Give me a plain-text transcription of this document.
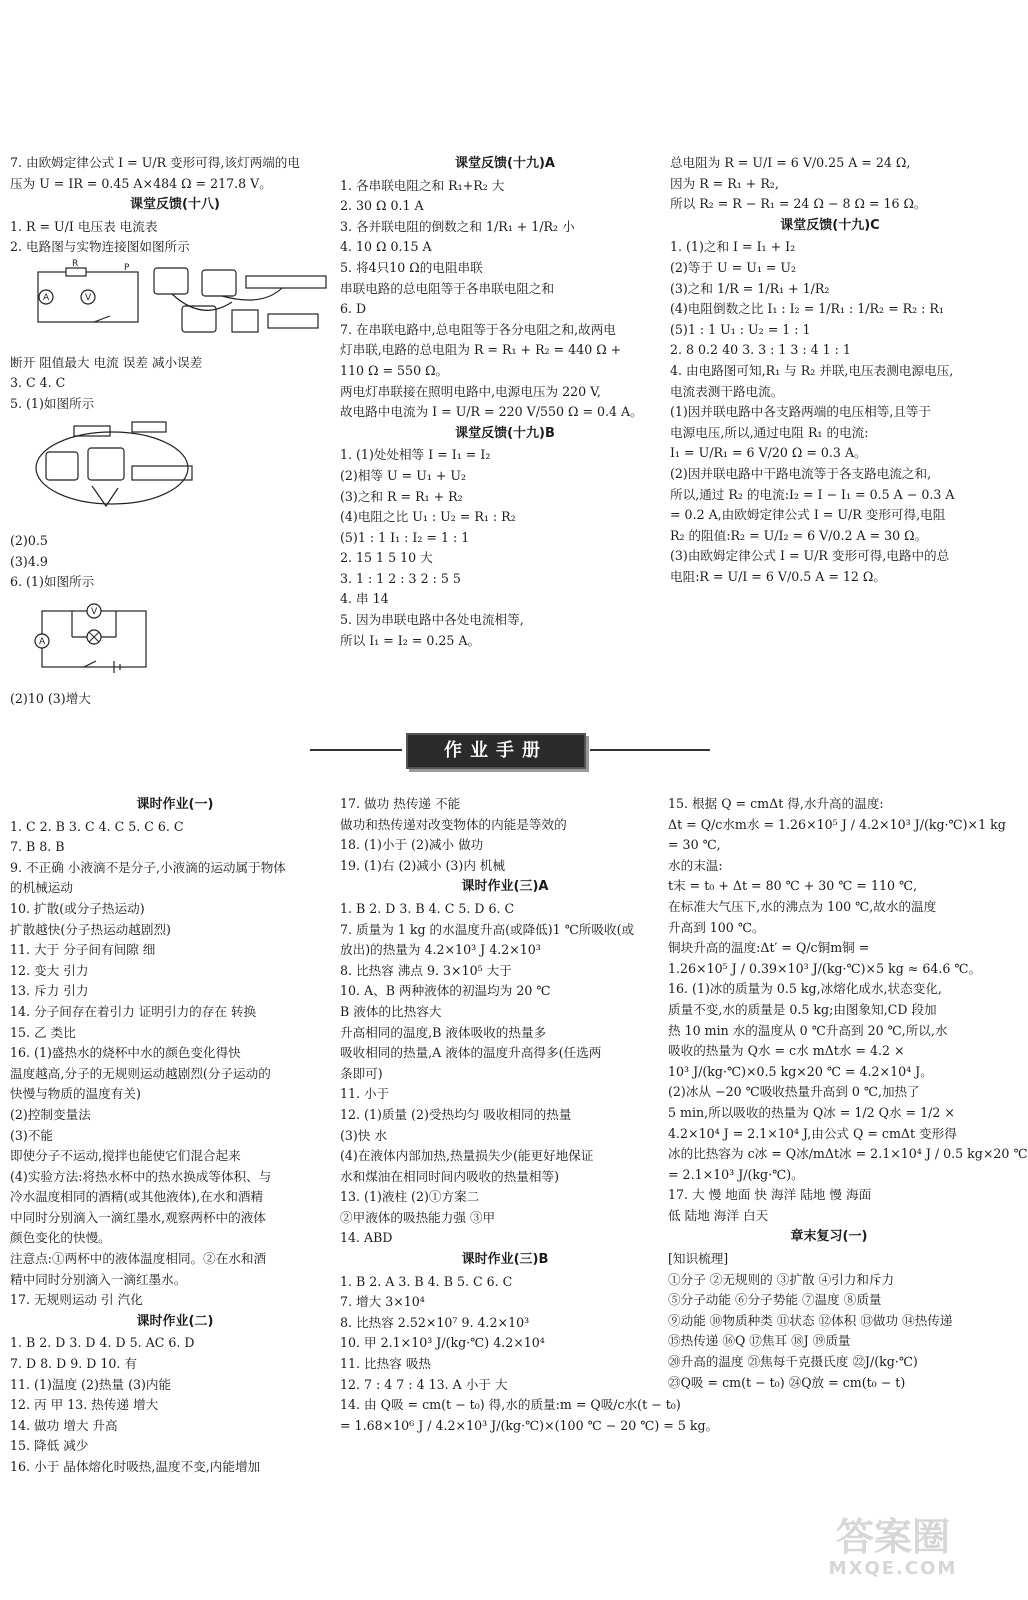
7. 由欧姆定律公式 I = U/R 变形可得,该灯两端的电
压为 U = IR = 0.45 A×484 Ω = 217.8 V。
课堂反馈(十八)
1. R = U/I 电压表 电流表
2. 电路图与实物连接图如图所示
A	V
R	P
断开 阻值最大 电流 误差 减小误差
3. C 4. C
5. (1)如图所示
(2)0.5
(3)4.9
6. (1)如图所示
V
A
(2)10 (3)增大
课堂反馈(十九)A
1. 各串联电阻之和 R₁+R₂ 大
2. 30 Ω 0.1 A
3. 各并联电阻的倒数之和 1/R₁ + 1/R₂ 小
4. 10 Ω 0.15 A
5. 将4只10 Ω的电阻串联
串联电路的总电阻等于各串联电阻之和
6. D
7. 在串联电路中,总电阻等于各分电阻之和,故两电
灯串联,电路的总电阻为 R = R₁ + R₂ = 440 Ω +
110 Ω = 550 Ω。
两电灯串联接在照明电路中,电源电压为 220 V,
故电路中电流为 I = U/R = 220 V/550 Ω = 0.4 A。
课堂反馈(十九)B
1. (1)处处相等 I = I₁ = I₂
(2)相等 U = U₁ + U₂
(3)之和 R = R₁ + R₂
(4)电阻之比 U₁ : U₂ = R₁ : R₂
(5)1 : 1 I₁ : I₂ = 1 : 1
2. 15 1 5 10 大
3. 1 : 1 2 : 3 2 : 5 5
4. 串 14
5. 因为串联电路中各处电流相等,
所以 I₁ = I₂ = 0.25 A。
总电阻为 R = U/I = 6 V/0.25 A = 24 Ω,
因为 R = R₁ + R₂,
所以 R₂ = R − R₁ = 24 Ω − 8 Ω = 16 Ω。
课堂反馈(十九)C
1. (1)之和 I = I₁ + I₂
(2)等于 U = U₁ = U₂
(3)之和 1/R = 1/R₁ + 1/R₂
(4)电阻倒数之比 I₁ : I₂ = 1/R₁ : 1/R₂ = R₂ : R₁
(5)1 : 1 U₁ : U₂ = 1 : 1
2. 8 0.2 40 3. 3 : 1 3 : 4 1 : 1
4. 由电路图可知,R₁ 与 R₂ 并联,电压表测电源电压,
电流表测干路电流。
(1)因并联电路中各支路两端的电压相等,且等于
电源电压,所以,通过电阻 R₁ 的电流:
I₁ = U/R₁ = 6 V/20 Ω = 0.3 A。
(2)因并联电路中干路电流等于各支路电流之和,
所以,通过 R₂ 的电流:I₂ = I − I₁ = 0.5 A − 0.3 A
= 0.2 A,由欧姆定律公式 I = U/R 变形可得,电阻
R₂ 的阻值:R₂ = U/I₂ = 6 V/0.2 A = 30 Ω。
(3)由欧姆定律公式 I = U/R 变形可得,电路中的总
电阻:R = U/I = 6 V/0.5 A = 12 Ω。
作业手册
课时作业(一)
1. C 2. B 3. C 4. C 5. C 6. C
7. B 8. B
9. 不正确 小液滴不是分子,小液滴的运动属于物体
的机械运动
10. 扩散(或分子热运动)
扩散越快(分子热运动越剧烈)
11. 大于 分子间有间隙 细
12. 变大 引力
13. 斥力 引力
14. 分子间存在着引力 证明引力的存在 转换
15. 乙 类比
16. (1)盛热水的烧杯中水的颜色变化得快
温度越高,分子的无规则运动越剧烈(分子运动的
快慢与物质的温度有关)
(2)控制变量法
(3)不能
即使分子不运动,搅拌也能使它们混合起来
(4)实验方法:将热水杯中的热水换成等体积、与
冷水温度相同的酒精(或其他液体),在水和酒精
中同时分别滴入一滴红墨水,观察两杯中的液体
颜色变化的快慢。
注意点:①两杯中的液体温度相同。②在水和酒
精中同时分别滴入一滴红墨水。
17. 无规则运动 引 汽化
课时作业(二)
1. B 2. D 3. D 4. D 5. AC 6. D
7. D 8. D 9. D 10. 有
11. (1)温度 (2)热量 (3)内能
12. 丙 甲 13. 热传递 增大
14. 做功 增大 升高
15. 降低 减少
16. 小于 晶体熔化时吸热,温度不变,内能增加
17. 做功 热传递 不能
做功和热传递对改变物体的内能是等效的
18. (1)小于 (2)减小 做功
19. (1)右 (2)减小 (3)内 机械
课时作业(三)A
1. B 2. D 3. B 4. C 5. D 6. C
7. 质量为 1 kg 的水温度升高(或降低)1 ℃所吸收(或
放出)的热量为 4.2×10³ J 4.2×10³
8. 比热容 沸点 9. 3×10⁵ 大于
10. A、B 两种液体的初温均为 20 ℃
B 液体的比热容大
升高相同的温度,B 液体吸收的热量多
吸收相同的热量,A 液体的温度升高得多(任选两
条即可)
11. 小于
12. (1)质量 (2)受热均匀 吸收相同的热量
(3)快 水
(4)在液体内部加热,热量损失少(能更好地保证
水和煤油在相同时间内吸收的热量相等)
13. (1)液柱 (2)①方案二
②甲液体的吸热能力强 ③甲
14. ABD
课时作业(三)B
1. B 2. A 3. B 4. B 5. C 6. C
7. 增大 3×10⁴
8. 比热容 2.52×10⁷ 9. 4.2×10³
10. 甲 2.1×10³ J/(kg·℃) 4.2×10⁴
11. 比热容 吸热
12. 7 : 4 7 : 4 13. A 小于 大
14. 由 Q吸 = cm(t − t₀) 得,水的质量:m = Q吸/c水(t − t₀)
= 1.68×10⁶ J / 4.2×10³ J/(kg·℃)×(100 ℃ − 20 ℃) = 5 kg。
15. 根据 Q = cmΔt 得,水升高的温度:
Δt = Q/c水m水 = 1.26×10⁵ J / 4.2×10³ J/(kg·℃)×1 kg
= 30 ℃,
水的末温:
t末 = t₀ + Δt = 80 ℃ + 30 ℃ = 110 ℃,
在标准大气压下,水的沸点为 100 ℃,故水的温度
升高到 100 ℃。
铜块升高的温度:Δt′ = Q/c铜m铜 =
1.26×10⁵ J / 0.39×10³ J/(kg·℃)×5 kg ≈ 64.6 ℃。
16. (1)冰的质量为 0.5 kg,冰熔化成水,状态变化,
质量不变,水的质量是 0.5 kg;由图象知,CD 段加
热 10 min 水的温度从 0 ℃升高到 20 ℃,所以,水
吸收的热量为 Q水 = c水 mΔt水 = 4.2 ×
10³ J/(kg·℃)×0.5 kg×20 ℃ = 4.2×10⁴ J。
(2)冰从 −20 ℃吸收热量升高到 0 ℃,加热了
5 min,所以吸收的热量为 Q冰 = 1/2 Q水 = 1/2 ×
4.2×10⁴ J = 2.1×10⁴ J,由公式 Q = cmΔt 变形得
冰的比热容为 c冰 = Q冰/mΔt冰 = 2.1×10⁴ J / 0.5 kg×20 ℃
= 2.1×10³ J/(kg·℃)。
17. 大 慢 地面 快 海洋 陆地 慢 海面
低 陆地 海洋 白天
章末复习(一)
[知识梳理]
①分子 ②无规则的 ③扩散 ④引力和斥力
⑤分子动能 ⑥分子势能 ⑦温度 ⑧质量
⑨动能 ⑩物质种类 ⑪状态 ⑫体积 ⑬做功 ⑭热传递
⑮热传递 ⑯Q ⑰焦耳 ⑱J ⑲质量
⑳升高的温度 ㉑焦每千克摄氏度 ㉒J/(kg·℃)
㉓Q吸 = cm(t − t₀) ㉔Q放 = cm(t₀ − t)
答案圈
MXQE.COM
